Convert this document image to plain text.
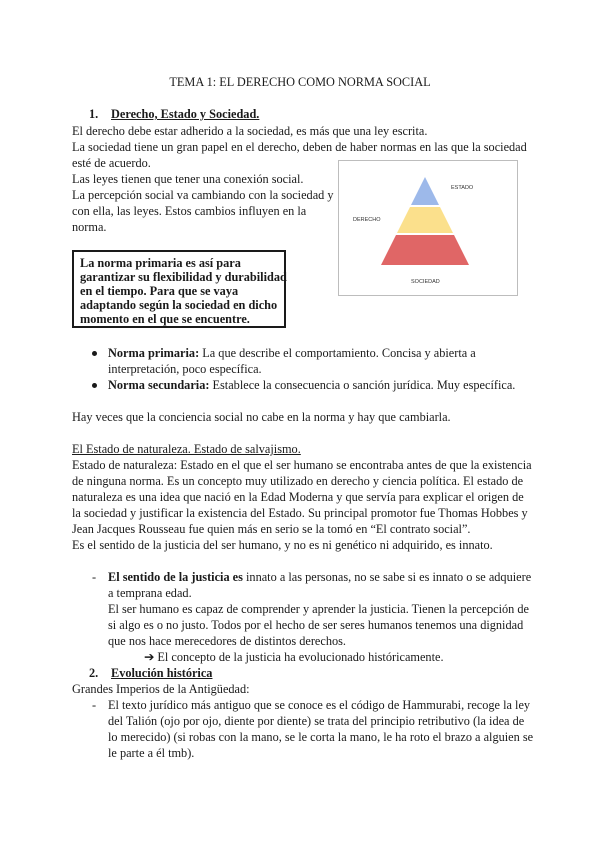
TEMA 1: EL DERECHO COMO NORMA SOCIAL
1. Derecho, Estado y Sociedad.
El derecho debe estar adherido a la sociedad, es más que una ley escrita.
La sociedad tiene un gran papel en el derecho, deben de haber normas en las que la sociedad
esté de acuerdo.
Las leyes tienen que tener una conexión social.
La percepción social va cambiando con la sociedad y
con ella, las leyes. Estos cambios influyen en la
norma.
ESTADO
DERECHO
SOCIEDAD
La norma primaria es así para
garantizar su flexibilidad y durabilidad
en el tiempo. Para que se vaya
adaptando según la sociedad en dicho
momento en el que se encuentre.
Norma primaria: La que describe el comportamiento. Concisa y abierta a
interpretación, poco específica.
Norma secundaria: Establece la consecuencia o sanción jurídica. Muy específica.
Hay veces que la conciencia social no cabe en la norma y hay que cambiarla.
El Estado de naturaleza. Estado de salvajismo.
Estado de naturaleza: Estado en el que el ser humano se encontraba antes de que la existencia
de ninguna norma. Es un concepto muy utilizado en derecho y ciencia política. El estado de
naturaleza es una idea que nació en la Edad Moderna y que servía para explicar el origen de
la sociedad y justificar la existencia del Estado. Su principal promotor fue Thomas Hobbes y
Jean Jacques Rousseau fue quien más en serio se la tomó en “El contrato social”.
Es el sentido de la justicia del ser humano, y no es ni genético ni adquirido, es innato.
- El sentido de la justicia es innato a las personas, no se sabe si es innato o se adquiere
a temprana edad.
El ser humano es capaz de comprender y aprender la justicia. Tienen la percepción de
si algo es o no justo. Todos por el hecho de ser seres humanos tenemos una dignidad
que nos hace merecedores de distintos derechos.
➔ El concepto de la justicia ha evolucionado históricamente.
2. Evolución histórica
Grandes Imperios de la Antigüedad:
- El texto jurídico más antiguo que se conoce es el código de Hammurabi, recoge la ley
del Talión (ojo por ojo, diente por diente) se trata del principio retributivo (la idea de
lo merecido) (si robas con la mano, se le corta la mano, le ha roto el brazo a alguien se
le parte a él tmb).
